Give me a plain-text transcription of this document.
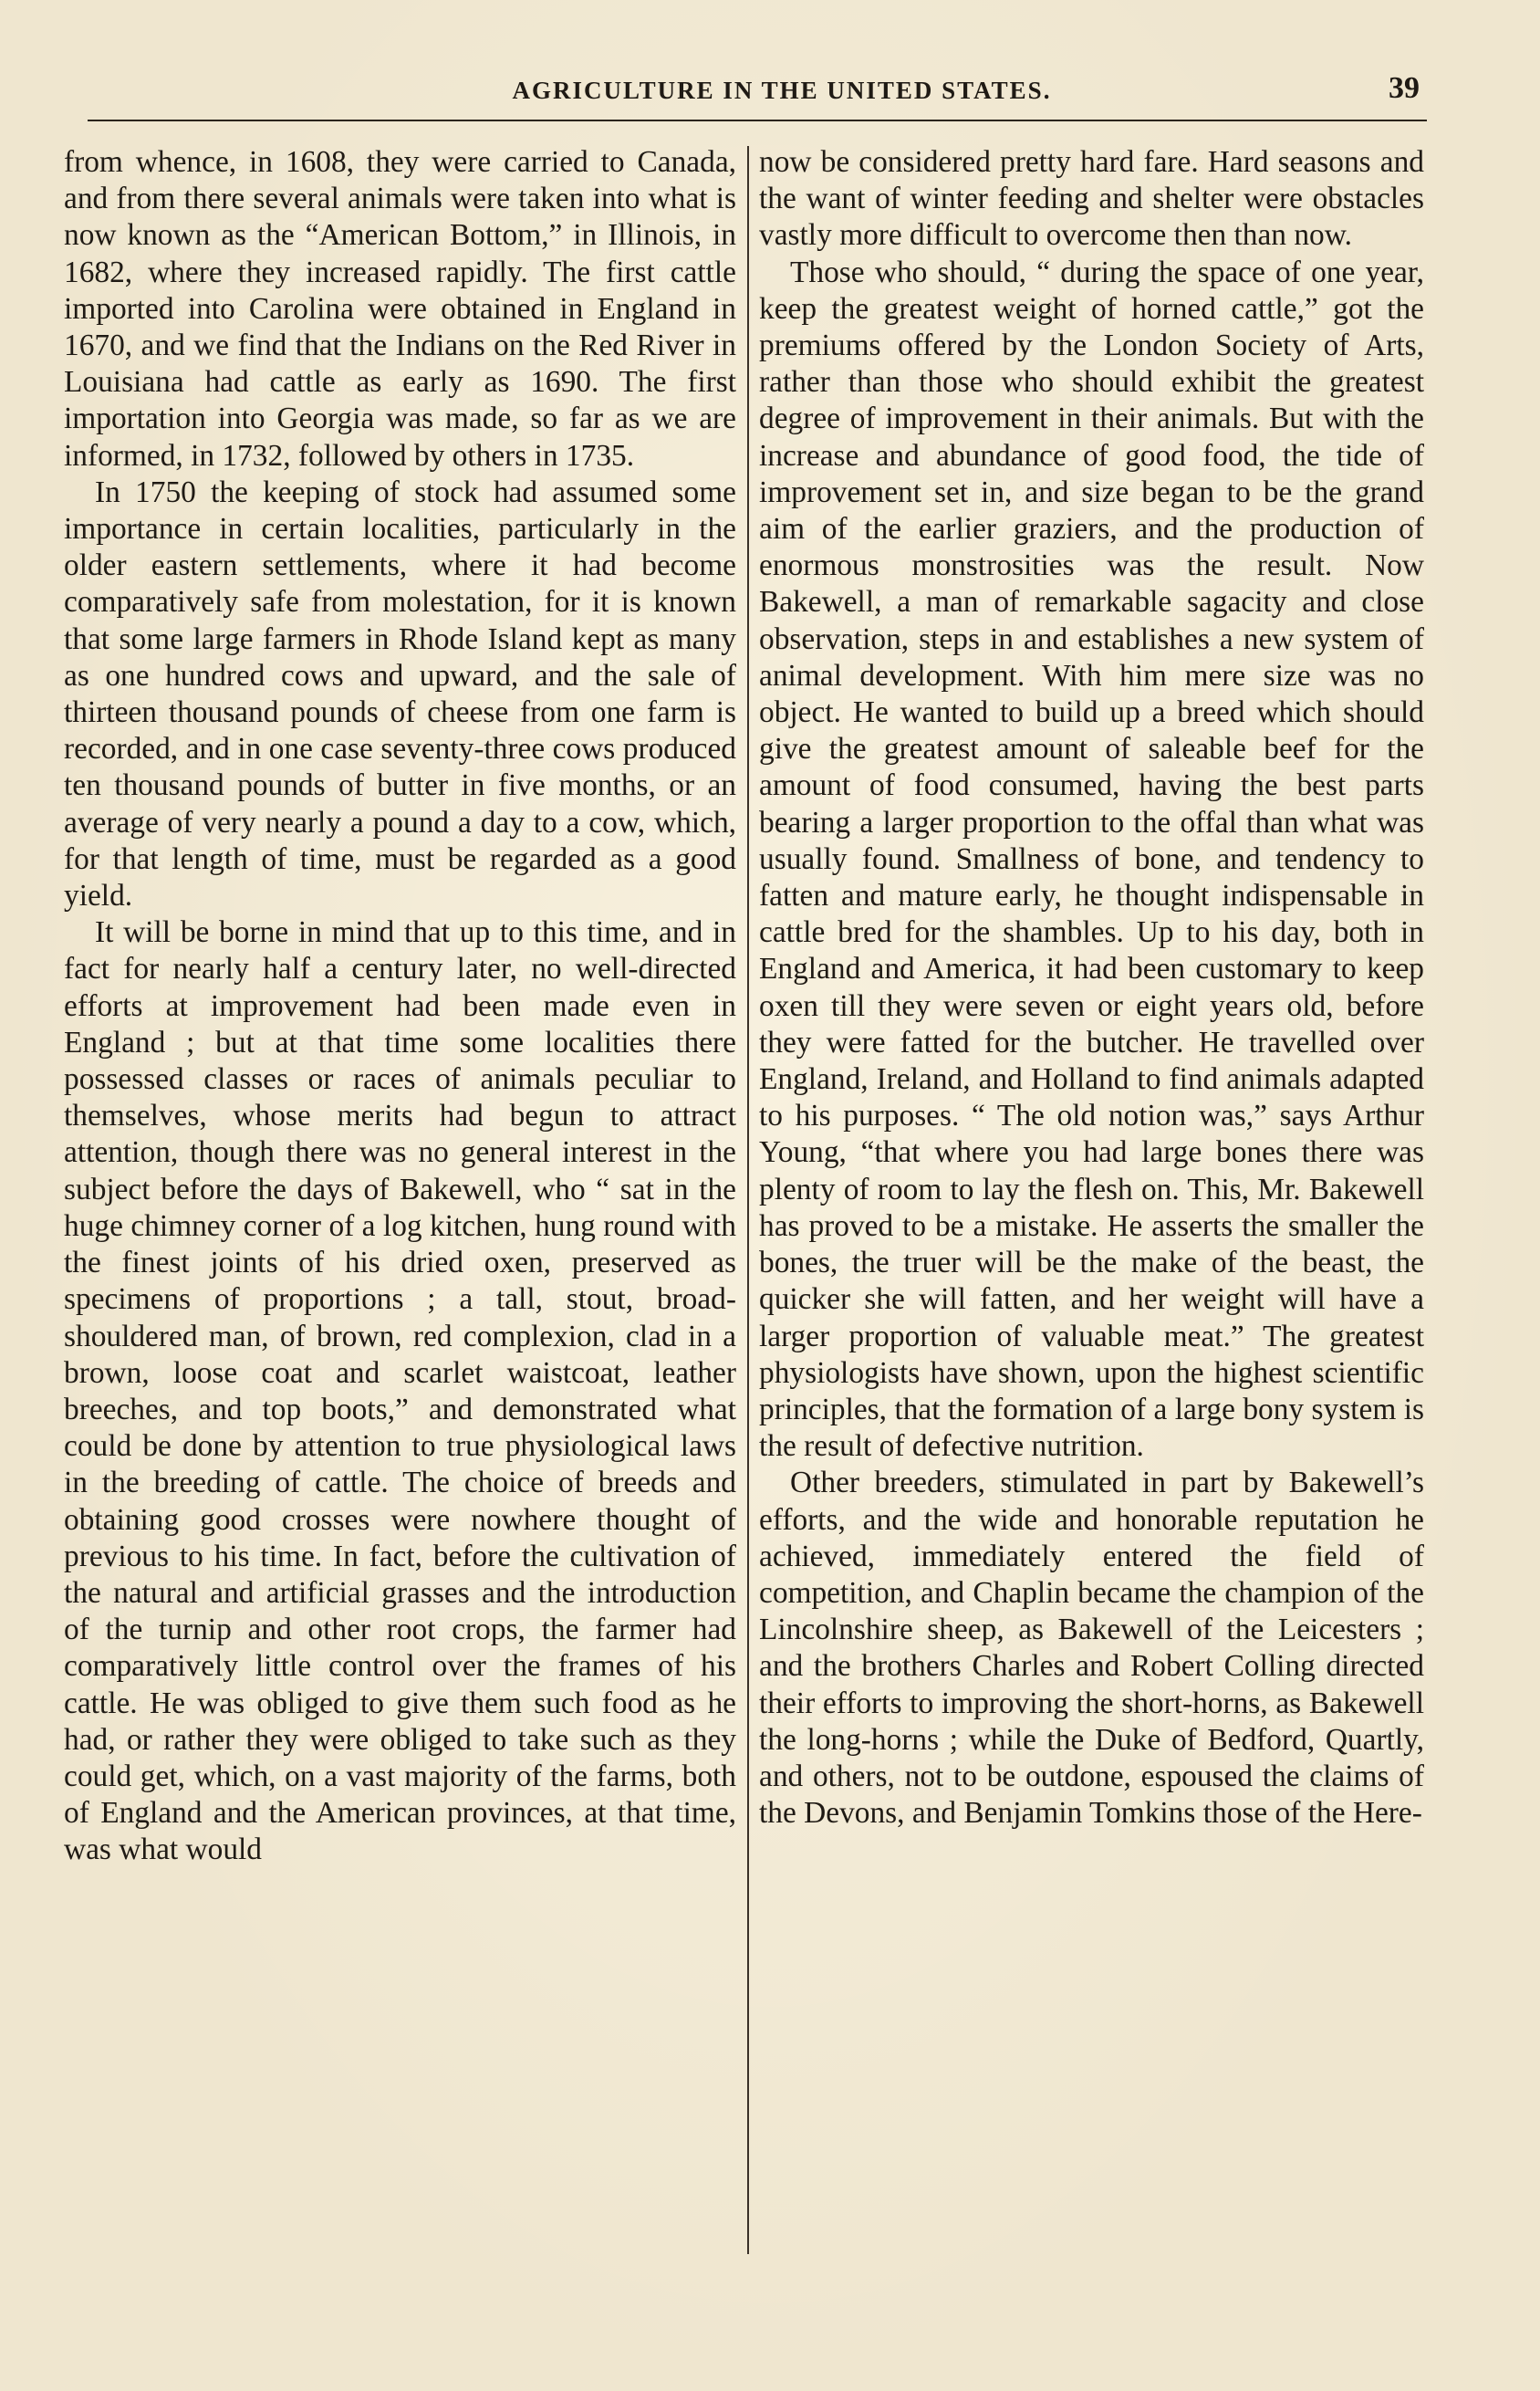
AGRICULTURE IN THE UNITED STATES.	39

from whence, in 1608, they were carried to Canada, and from there several animals were taken into what is now known as the “American Bottom,” in Illinois, in 1682, where they increased rapidly. The first cattle imported into Carolina were obtained in England in 1670, and we find that the Indians on the Red River in Louisiana had cattle as early as 1690. The first importation into Georgia was made, so far as we are informed, in 1732, followed by others in 1735.

In 1750 the keeping of stock had assumed some importance in certain localities, particularly in the older eastern settlements, where it had become comparatively safe from molestation, for it is known that some large farmers in Rhode Island kept as many as one hundred cows and upward, and the sale of thirteen thousand pounds of cheese from one farm is recorded, and in one case seventy-three cows produced ten thousand pounds of butter in five months, or an average of very nearly a pound a day to a cow, which, for that length of time, must be regarded as a good yield.

It will be borne in mind that up to this time, and in fact for nearly half a century later, no well-directed efforts at improvement had been made even in England ; but at that time some localities there possessed classes or races of animals peculiar to themselves, whose merits had begun to attract attention, though there was no general interest in the subject before the days of Bakewell, who “ sat in the huge chimney corner of a log kitchen, hung round with the finest joints of his dried oxen, preserved as specimens of proportions ; a tall, stout, broad-shouldered man, of brown, red complexion, clad in a brown, loose coat and scarlet waistcoat, leather breeches, and top boots,” and demonstrated what could be done by attention to true physiological laws in the breeding of cattle. The choice of breeds and obtaining good crosses were nowhere thought of previous to his time. In fact, before the cultivation of the natural and artificial grasses and the introduction of the turnip and other root crops, the farmer had comparatively little control over the frames of his cattle. He was obliged to give them such food as he had, or rather they were obliged to take such as they could get, which, on a vast majority of the farms, both of England and the American provinces, at that time, was what would

now be considered pretty hard fare. Hard seasons and the want of winter feeding and shelter were obstacles vastly more difficult to overcome then than now.

Those who should, “ during the space of one year, keep the greatest weight of horned cattle,” got the premiums offered by the London Society of Arts, rather than those who should exhibit the greatest degree of improvement in their animals. But with the increase and abundance of good food, the tide of improvement set in, and size began to be the grand aim of the earlier graziers, and the production of enormous monstrosities was the result. Now Bakewell, a man of remarkable sagacity and close observation, steps in and establishes a new system of animal development. With him mere size was no object. He wanted to build up a breed which should give the greatest amount of saleable beef for the amount of food consumed, having the best parts bearing a larger proportion to the offal than what was usually found. Smallness of bone, and tendency to fatten and mature early, he thought indispensable in cattle bred for the shambles. Up to his day, both in England and America, it had been customary to keep oxen till they were seven or eight years old, before they were fatted for the butcher. He travelled over England, Ireland, and Holland to find animals adapted to his purposes. “ The old notion was,” says Arthur Young, “that where you had large bones there was plenty of room to lay the flesh on. This, Mr. Bakewell has proved to be a mistake. He asserts the smaller the bones, the truer will be the make of the beast, the quicker she will fatten, and her weight will have a larger proportion of valuable meat.” The greatest physiologists have shown, upon the highest scientific principles, that the formation of a large bony system is the result of defective nutrition.

Other breeders, stimulated in part by Bakewell’s efforts, and the wide and honorable reputation he achieved, immediately entered the field of competition, and Chaplin became the champion of the Lincolnshire sheep, as Bakewell of the Leicesters ; and the brothers Charles and Robert Colling directed their efforts to improving the short-horns, as Bakewell the long-horns ; while the Duke of Bedford, Quartly, and others, not to be outdone, espoused the claims of the Devons, and Benjamin Tomkins those of the Here-
